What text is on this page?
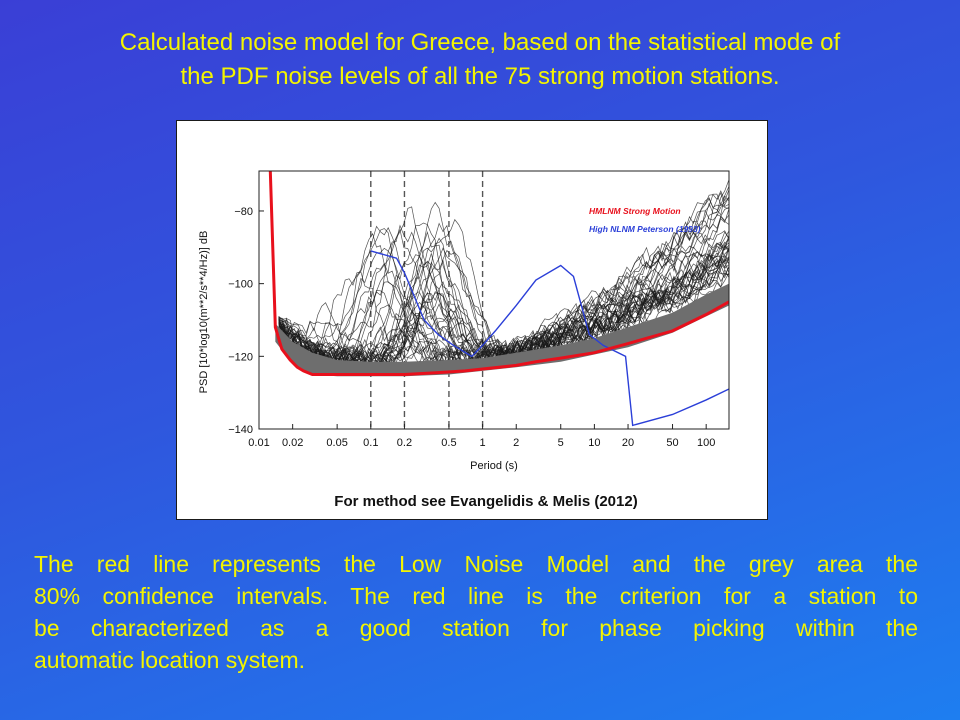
Calculated noise model for Greece, based on the statistical mode of
the PDF noise levels of all the 75 strong motion stations.
0.01 0.02 0.05 0.1 0.2	0.5 1	2	5 10 20	50 100
−80
−100
−120
−140
Period (s)
PSD [10*log10(m**2/s**4/Hz)] dB
HMLNM Strong Motion
High NLNM Peterson (1993)
For method see Evangelidis & Melis (2012)
The red line represents the Low Noise Model and the grey area the
80% confidence intervals. The red line is the criterion for a station to
be characterized as a good station for phase picking within the
automatic location system.
